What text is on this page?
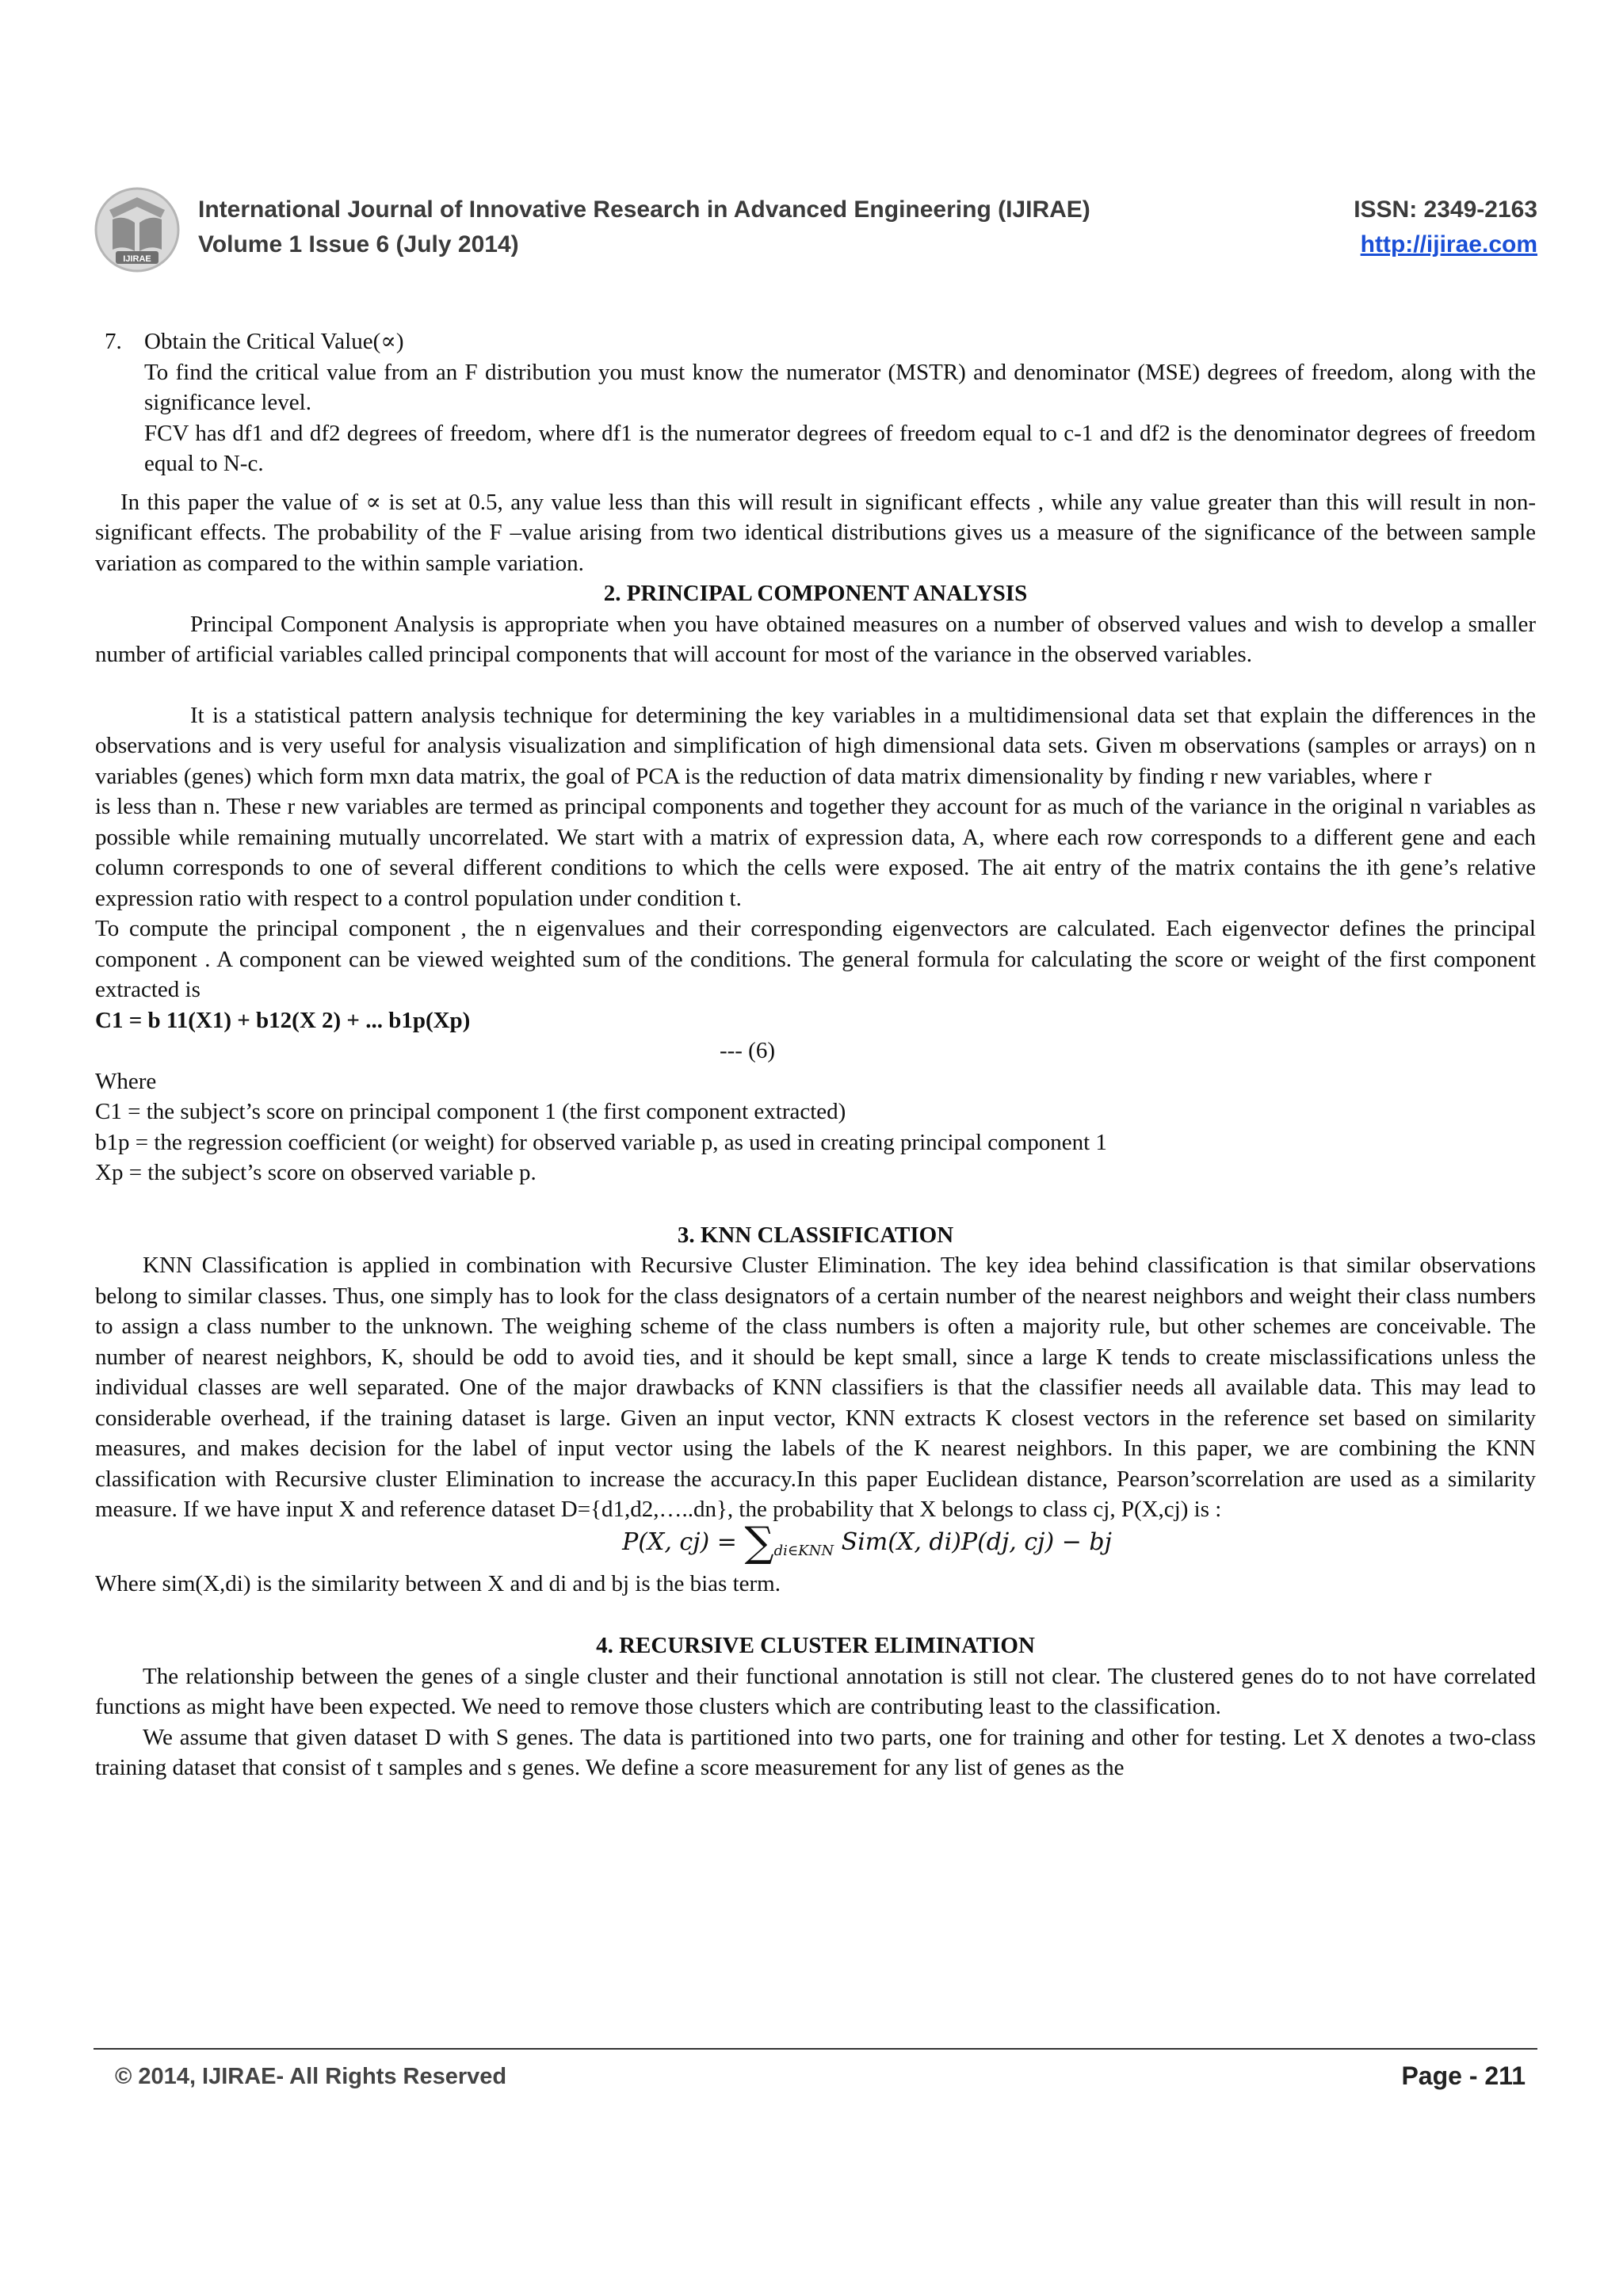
IJIRAE
International Journal of Innovative Research in Advanced Engineering (IJIRAE)
Volume 1 Issue 6 (July 2014)
ISSN: 2349-2163
http://ijirae.com
7. Obtain the Critical Value(∝)

To find the critical value from an F distribution you must know the numerator (MSTR) and denominator (MSE) degrees of freedom, along with the significance level.

FCV has df1 and df2 degrees of freedom, where df1 is the numerator degrees of freedom equal to c-1 and df2 is the denominator degrees of freedom equal to N-c.

In this paper the value of ∝ is set at 0.5, any value less than this will result in significant effects , while any value greater than this will result in non-significant effects. The probability of the F –value arising from two identical distributions gives us a measure of the significance of the between sample variation as compared to the within sample variation.

2. PRINCIPAL COMPONENT ANALYSIS

Principal Component Analysis is appropriate when you have obtained measures on a number of observed values and wish to develop a smaller number of artificial variables called principal components that will account for most of the variance in the observed variables.

It is a statistical pattern analysis technique for determining the key variables in a multidimensional data set that explain the differences in the observations and is very useful for analysis visualization and simplification of high dimensional data sets. Given m observations (samples or arrays) on n variables (genes) which form mxn data matrix, the goal of PCA is the reduction of data matrix dimensionality by finding r new variables, where r

is less than n. These r new variables are termed as principal components and together they account for as much of the variance in the original n variables as possible while remaining mutually uncorrelated. We start with a matrix of expression data, A, where each row corresponds to a different gene and each column corresponds to one of several different conditions to which the cells were exposed. The ait entry of the matrix contains the ith gene’s relative expression ratio with respect to a control population under condition t.

To compute the principal component , the n eigenvalues and their corresponding eigenvectors are calculated. Each eigenvector defines the principal component . A component can be viewed weighted sum of the conditions. The general formula for calculating the score or weight of the first component extracted is

C1 = b 11(X1) + b12(X 2) + ... b1p(Xp)
--- (6)

Where

C1 = the subject’s score on principal component 1 (the first component extracted)

b1p = the regression coefficient (or weight) for observed variable p, as used in creating principal component 1

Xp = the subject’s score on observed variable p.

3. KNN CLASSIFICATION

KNN Classification is applied in combination with Recursive Cluster Elimination. The key idea behind classification is that similar observations belong to similar classes. Thus, one simply has to look for the class designators of a certain number of the nearest neighbors and weight their class numbers to assign a class number to the unknown. The weighing scheme of the class numbers is often a majority rule, but other schemes are conceivable. The number of nearest neighbors, K, should be odd to avoid ties, and it should be kept small, since a large K tends to create misclassifications unless the individual classes are well separated. One of the major drawbacks of KNN classifiers is that the classifier needs all available data. This may lead to considerable overhead, if the training dataset is large. Given an input vector, KNN extracts K closest vectors in the reference set based on similarity measures, and makes decision for the label of input vector using the labels of the K nearest neighbors. In this paper, we are combining the KNN classification with Recursive cluster Elimination to increase the accuracy.In this paper Euclidean distance, Pearson’scorrelation are used as a similarity measure. If we have input X and reference dataset D={d1,d2,…..dn}, the probability that X belongs to class cj, P(X,cj) is :

P(X, $cj) = \sum_{di\in KNN}$ Sim(X, di)P(dj, cj) − bj

Where sim(X,di) is the similarity between X and di and bj is the bias term.

4. RECURSIVE CLUSTER ELIMINATION

The relationship between the genes of a single cluster and their functional annotation is still not clear. The clustered genes do to not have correlated functions as might have been expected. We need to remove those clusters which are contributing least to the classification.

We assume that given dataset D with S genes. The data is partitioned into two parts, one for training and other for testing. Let X denotes a two-class training dataset that consist of t samples and s genes. We define a score measurement for any list of genes as the

© 2014, IJIRAE- All Rights Reserved	Page - 211
